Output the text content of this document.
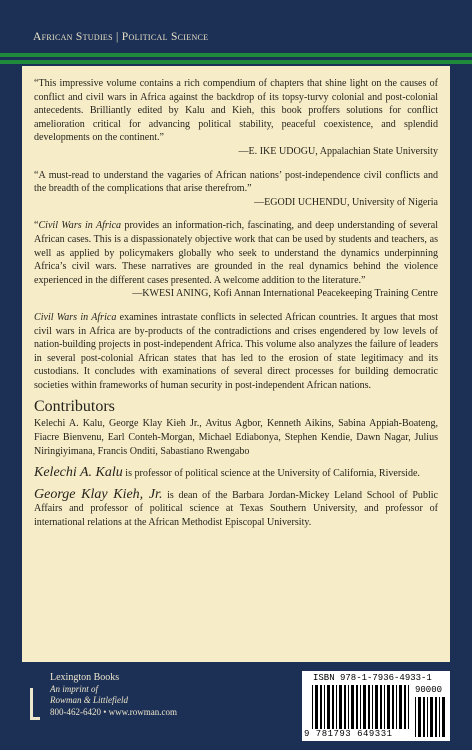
African Studies | Political Science

“This impressive volume contains a rich compendium of chapters that shine light on the causes of conflict and civil wars in Africa against the backdrop of its topsy-turvy colonial and post-colonial antecedents. Brilliantly edited by Kalu and Kieh, this book proffers solutions for conflict amelioration critical for advancing political stability, peaceful coexistence, and splendid developments on the continent.”

—E. IKE UDOGU, Appalachian State University

“A must-read to understand the vagaries of African nations’ post-independence civil conflicts and the breadth of the complications that arise therefrom.”

—EGODI UCHENDU, University of Nigeria

“Civil Wars in Africa provides an information-rich, fascinating, and deep understanding of several African cases. This is a dispassionately objective work that can be used by students and teachers, as well as applied by policymakers globally who seek to understand the dynamics underpinning Africa’s civil wars. These narratives are grounded in the real dynamics behind the violence experienced in the different cases presented. A welcome addition to the literature.”

—KWESI ANING, Kofi Annan International Peacekeeping Training Centre

Civil Wars in Africa examines intrastate conflicts in selected African countries. It argues that most civil wars in Africa are by-products of the contradictions and crises engendered by low levels of nation-building projects in post-independent Africa. This volume also analyzes the failure of leaders in several post-colonial African states that has led to the erosion of state legitimacy and its custodians. It concludes with examinations of several direct processes for building democratic societies within frameworks of human security in post-independent African nations.

Contributors

Kelechi A. Kalu, George Klay Kieh Jr., Avitus Agbor, Kenneth Aikins, Sabina Appiah-Boateng, Fiacre Bienvenu, Earl Conteh-Morgan, Michael Ediabonya, Stephen Kendie, Dawn Nagar, Julius Niringiyimana, Francis Onditi, Sabastiano Rwengabo

Kelechi A. Kalu is professor of political science at the University of California, Riverside.

George Klay Kieh, Jr. is dean of the Barbara Jordan-Mickey Leland School of Public Affairs and professor of political science at Texas Southern University, and professor of international relations at the African Methodist Episcopal University.

Lexington Books
An imprint of
Rowman & Littlefield
800-462-6420 • www.rowman.com
ISBN 978-1-7936-4933-1
9 781793 649331
90000
